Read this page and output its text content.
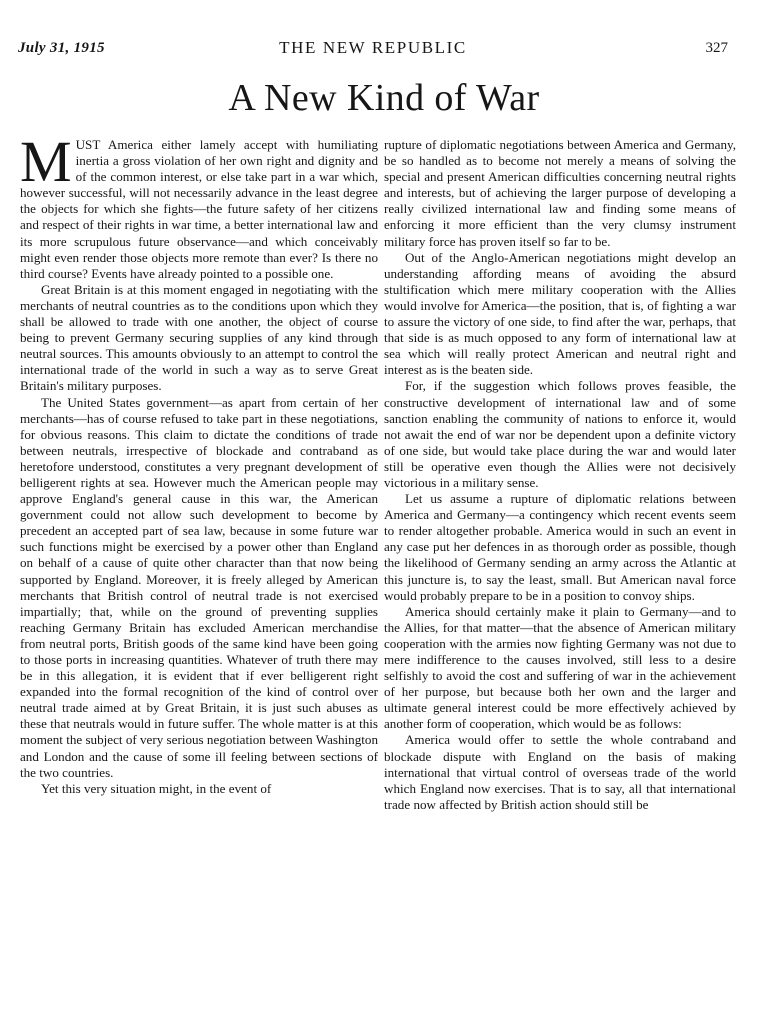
July 31, 1915	THE NEW REPUBLIC	327
A New Kind of War

MUST America either lamely accept with humiliating inertia a gross violation of her own right and dignity and of the common interest, or else take part in a war which, however successful, will not necessarily advance in the least degree the objects for which she fights—the future safety of her citizens and respect of their rights in war time, a better international law and its more scrupulous future observance—and which conceivably might even render those objects more remote than ever? Is there no third course? Events have already pointed to a possible one.

Great Britain is at this moment engaged in negotiating with the merchants of neutral countries as to the conditions upon which they shall be allowed to trade with one another, the object of course being to prevent Germany securing supplies of any kind through neutral sources. This amounts obviously to an attempt to control the international trade of the world in such a way as to serve Great Britain's military purposes.

The United States government—as apart from certain of her merchants—has of course refused to take part in these negotiations, for obvious reasons. This claim to dictate the conditions of trade between neutrals, irrespective of blockade and contraband as heretofore understood, constitutes a very pregnant development of belligerent rights at sea. However much the American people may approve England's general cause in this war, the American government could not allow such development to become by precedent an accepted part of sea law, because in some future war such functions might be exercised by a power other than England on behalf of a cause of quite other character than that now being supported by England. Moreover, it is freely alleged by American merchants that British control of neutral trade is not exercised impartially; that, while on the ground of preventing supplies reaching Germany Britain has excluded American merchandise from neutral ports, British goods of the same kind have been going to those ports in increasing quantities. Whatever of truth there may be in this allegation, it is evident that if ever belligerent right expanded into the formal recognition of the kind of control over neutral trade aimed at by Great Britain, it is just such abuses as these that neutrals would in future suffer. The whole matter is at this moment the subject of very serious negotiation between Washington and London and the cause of some ill feeling between sections of the two countries.

Yet this very situation might, in the event of

rupture of diplomatic negotiations between America and Germany, be so handled as to become not merely a means of solving the special and present American difficulties concerning neutral rights and interests, but of achieving the larger purpose of developing a really civilized international law and finding some means of enforcing it more efficient than the very clumsy instrument military force has proven itself so far to be.

Out of the Anglo-American negotiations might develop an understanding affording means of avoiding the absurd stultification which mere military cooperation with the Allies would involve for America—the position, that is, of fighting a war to assure the victory of one side, to find after the war, perhaps, that that side is as much opposed to any form of international law at sea which will really protect American and neutral right and interest as is the beaten side.

For, if the suggestion which follows proves feasible, the constructive development of international law and of some sanction enabling the community of nations to enforce it, would not await the end of war nor be dependent upon a definite victory of one side, but would take place during the war and would later still be operative even though the Allies were not decisively victorious in a military sense.

Let us assume a rupture of diplomatic relations between America and Germany—a contingency which recent events seem to render altogether probable. America would in such an event in any case put her defences in as thorough order as possible, though the likelihood of Germany sending an army across the Atlantic at this juncture is, to say the least, small. But American naval force would probably prepare to be in a position to convoy ships.

America should certainly make it plain to Germany—and to the Allies, for that matter—that the absence of American military cooperation with the armies now fighting Germany was not due to mere indifference to the causes involved, still less to a desire selfishly to avoid the cost and suffering of war in the achievement of her purpose, but because both her own and the larger and ultimate general interest could be more effectively achieved by another form of cooperation, which would be as follows:

America would offer to settle the whole contraband and blockade dispute with England on the basis of making international that virtual control of overseas trade of the world which England now exercises. That is to say, all that international trade now affected by British action should still be
